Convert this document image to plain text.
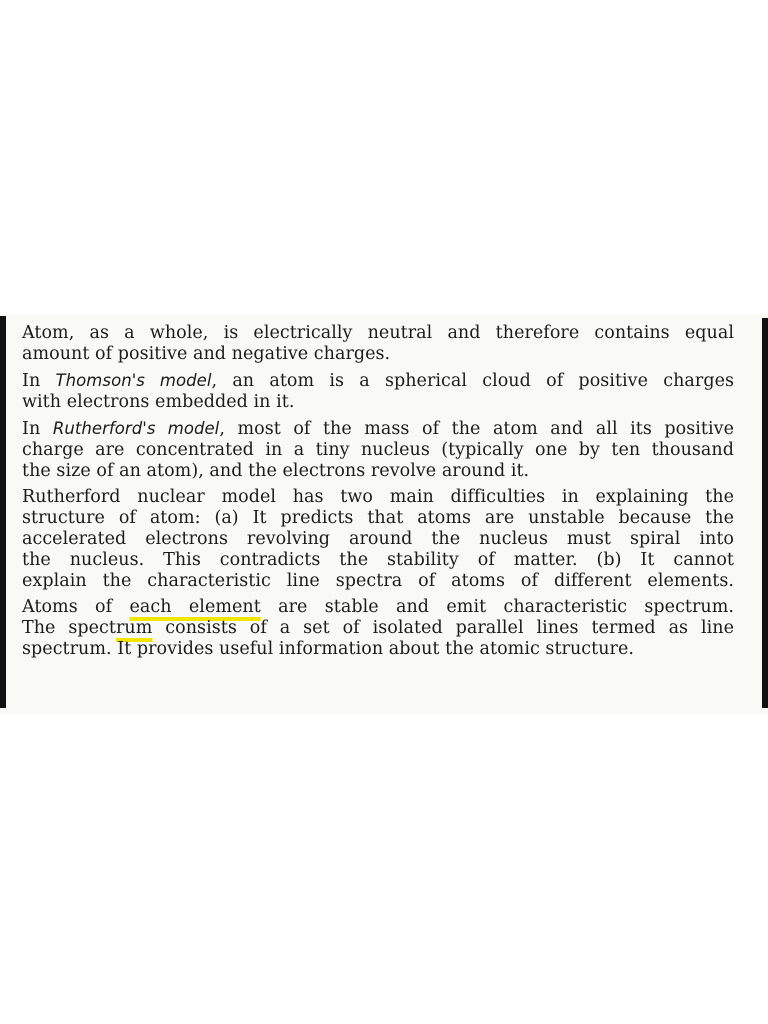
Atom, as a whole, is electrically neutral and therefore contains equal
amount of positive and negative charges.

In Thomson's model, an atom is a spherical cloud of positive charges
with electrons embedded in it.

In Rutherford's model, most of the mass of the atom and all its positive
charge are concentrated in a tiny nucleus (typically one by ten thousand
the size of an atom), and the electrons revolve around it.

Rutherford nuclear model has two main difficulties in explaining the
structure of atom: (a) It predicts that atoms are unstable because the
accelerated electrons revolving around the nucleus must spiral into
the nucleus. This contradicts the stability of matter. (b) It cannot
explain the characteristic line spectra of atoms of different elements.

Atoms of each element are stable and emit characteristic spectrum.
The spectrum consists of a set of isolated parallel lines termed as line
spectrum. It provides useful information about the atomic structure.
